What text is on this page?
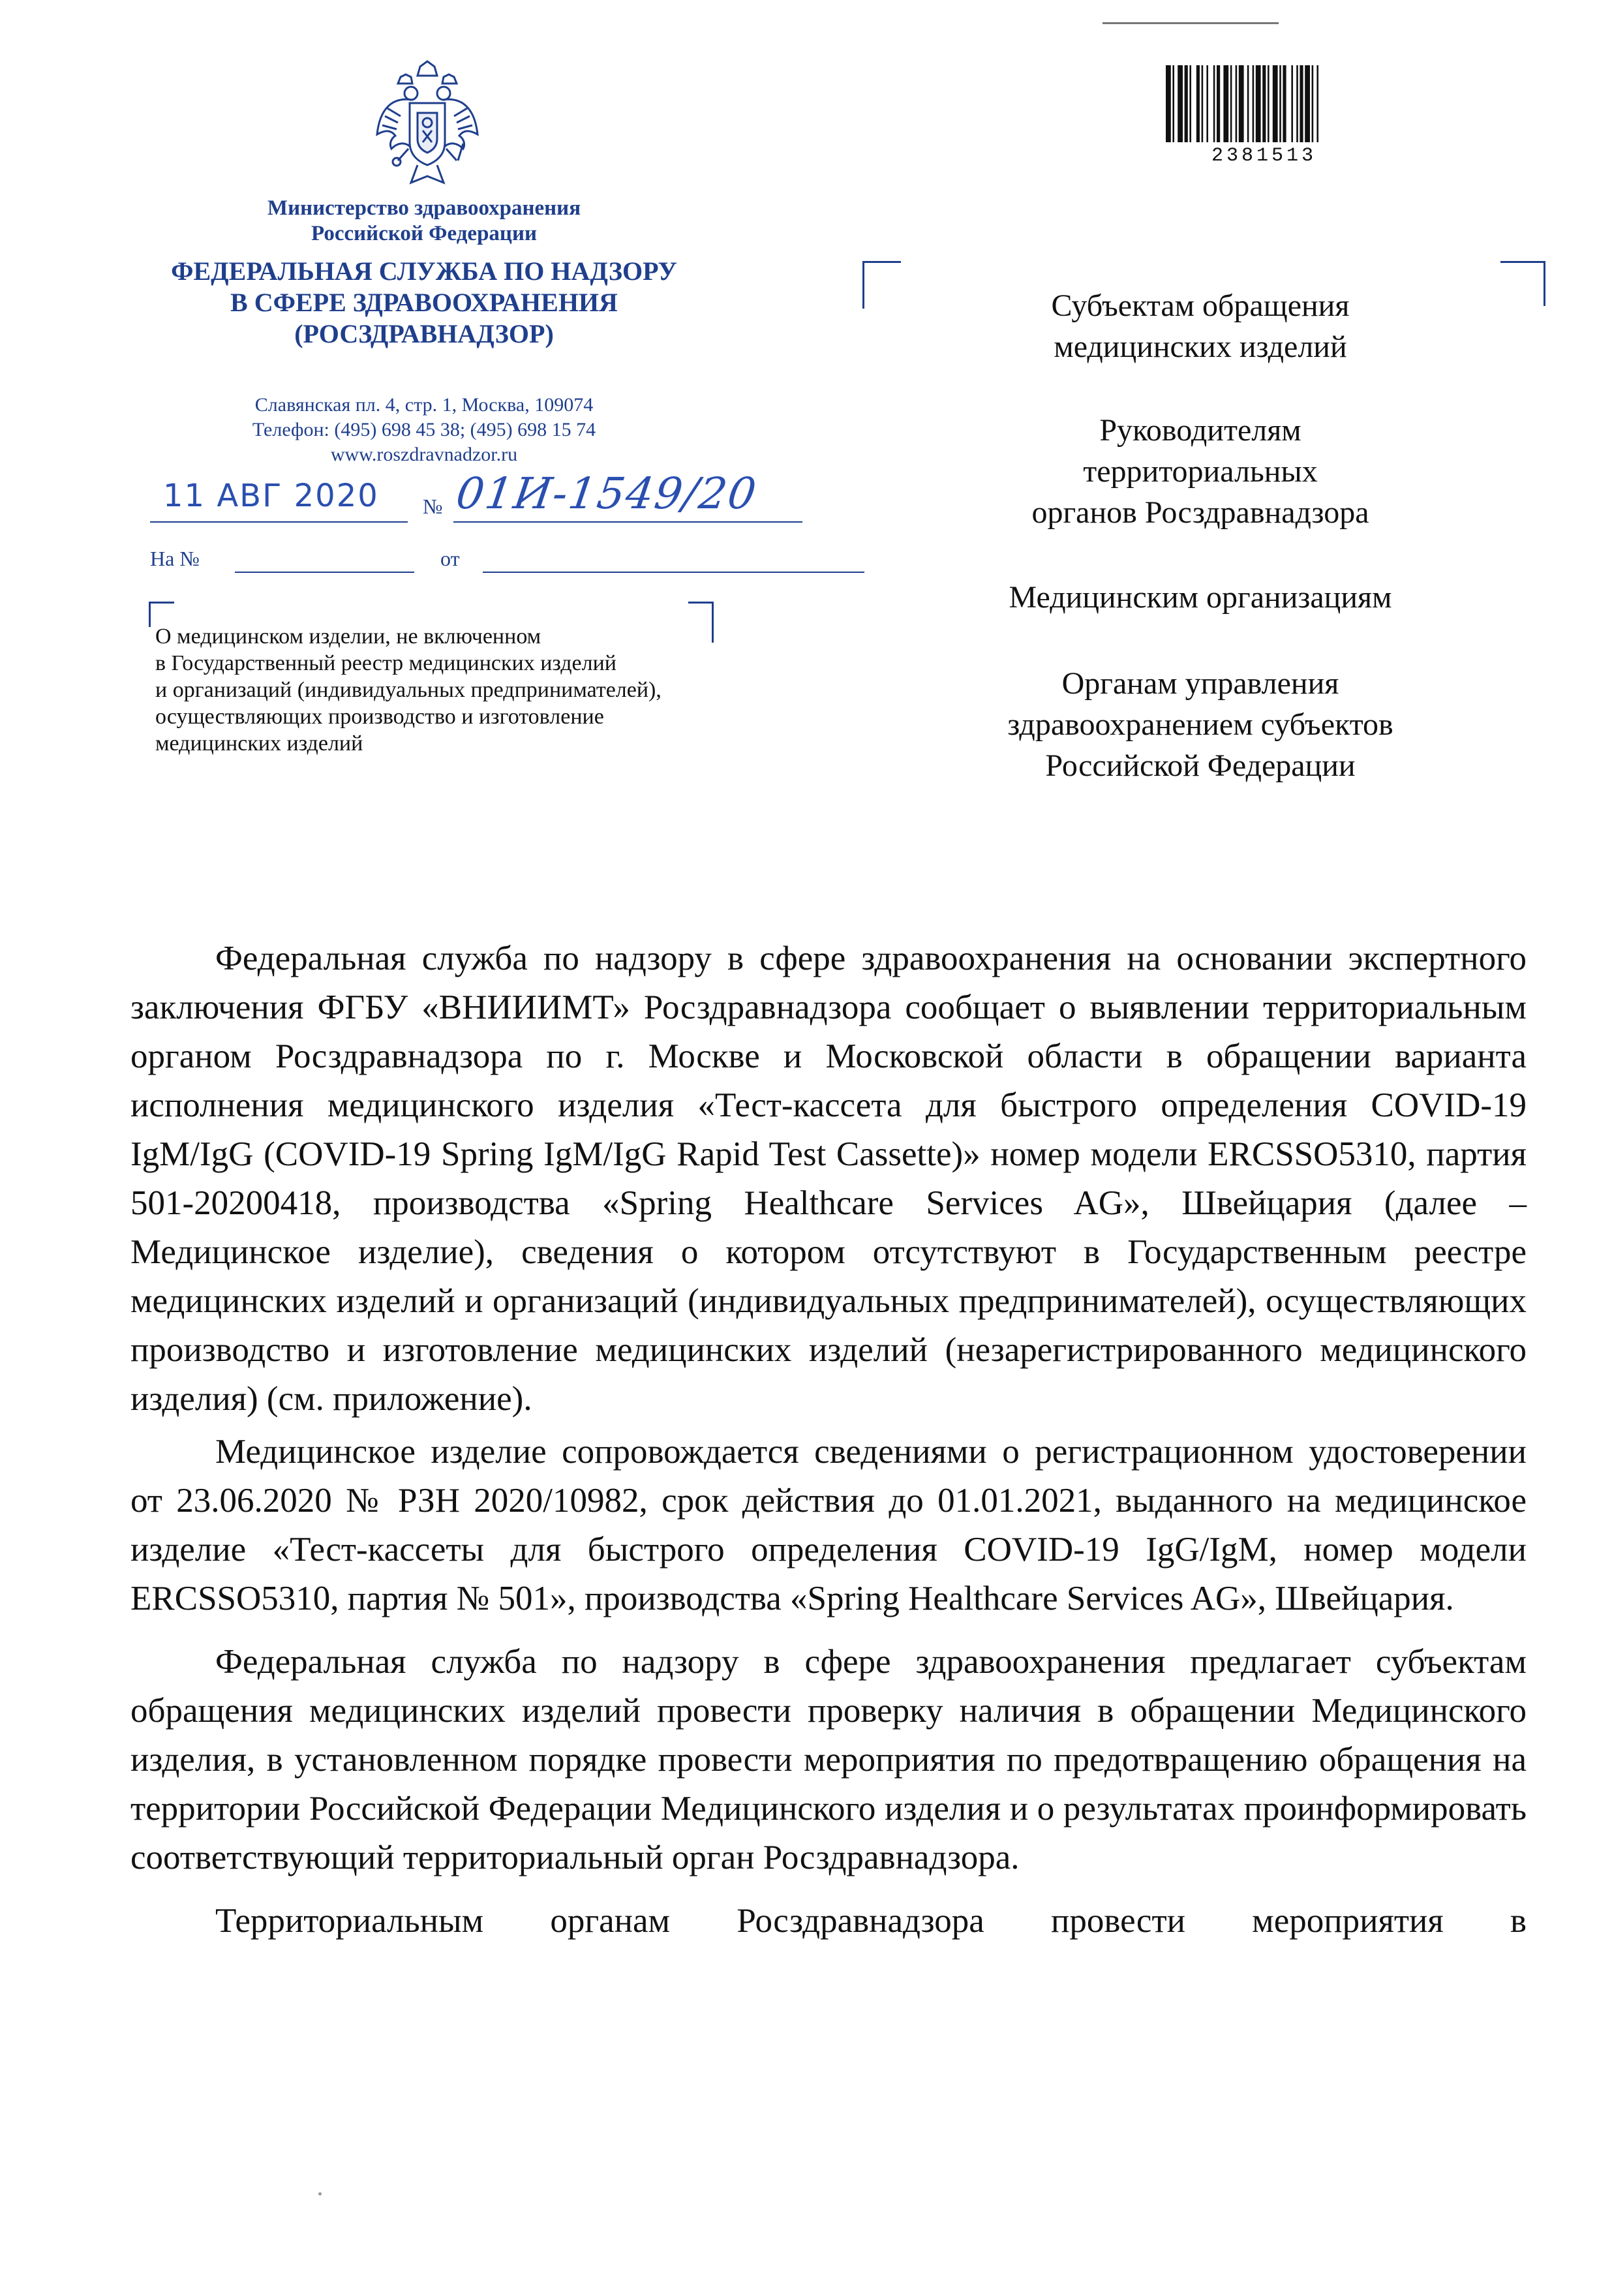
Министерство здравоохранения
Российской Федерации
ФЕДЕРАЛЬНАЯ СЛУЖБА ПО НАДЗОРУ
В СФЕРЕ ЗДРАВООХРАНЕНИЯ
(РОСЗДРАВНАДЗОР)
Славянская пл. 4, стр. 1, Москва, 109074
Телефон: (495) 698 45 38; (495) 698 15 74
www.roszdravnadzor.ru
11 АВГ 2020 № 01И-1549/20
На №	от
О медицинском изделии, не включенном
в Государственный реестр медицинских изделий
и организаций (индивидуальных предпринимателей),
осуществляющих производство и изготовление
медицинских изделий
2381513
Субъектам обращения
медицинских изделий
Руководителям
территориальных
органов Росздравнадзора
Медицинским организациям
Органам управления
здравоохранением субъектов
Российской Федерации

Федеральная служба по надзору в сфере здравоохранения на основании экспертного заключения ФГБУ «ВНИИИМТ» Росздравнадзора сообщает о выявлении территориальным органом Росздравнадзора по г. Москве и Московской области в обращении варианта исполнения медицинского изделия «Тест-кассета для быстрого определения COVID-19 IgM/IgG (COVID-19 Spring IgM/IgG Rapid Test Cassette)» номер модели ERCSSO5310, партия 501-20200418, производства «Spring Healthcare Services AG», Швейцария (далее – Медицинское изделие), сведения о котором отсутствуют в Государственным реестре медицинских изделий и организаций (индивидуальных предпринимателей), осуществляющих производство и изготовление медицинских изделий (незарегистрированного медицинского изделия) (см. приложение).

Медицинское изделие сопровождается сведениями о регистрационном удостоверении от 23.06.2020 № РЗН 2020/10982, срок действия до 01.01.2021, выданного на медицинское изделие «Тест-кассеты для быстрого определения COVID-19 IgG/IgM, номер модели ERCSSO5310, партия № 501», производства «Spring Healthcare Services AG», Швейцария.

Федеральная служба по надзору в сфере здравоохранения предлагает субъектам обращения медицинских изделий провести проверку наличия в обращении Медицинского изделия, в установленном порядке провести мероприятия по предотвращению обращения на территории Российской Федерации Медицинского изделия и о результатах проинформировать соответствующий территориальный орган Росздравнадзора.

Территориальным органам Росздравнадзора провести мероприятия в
